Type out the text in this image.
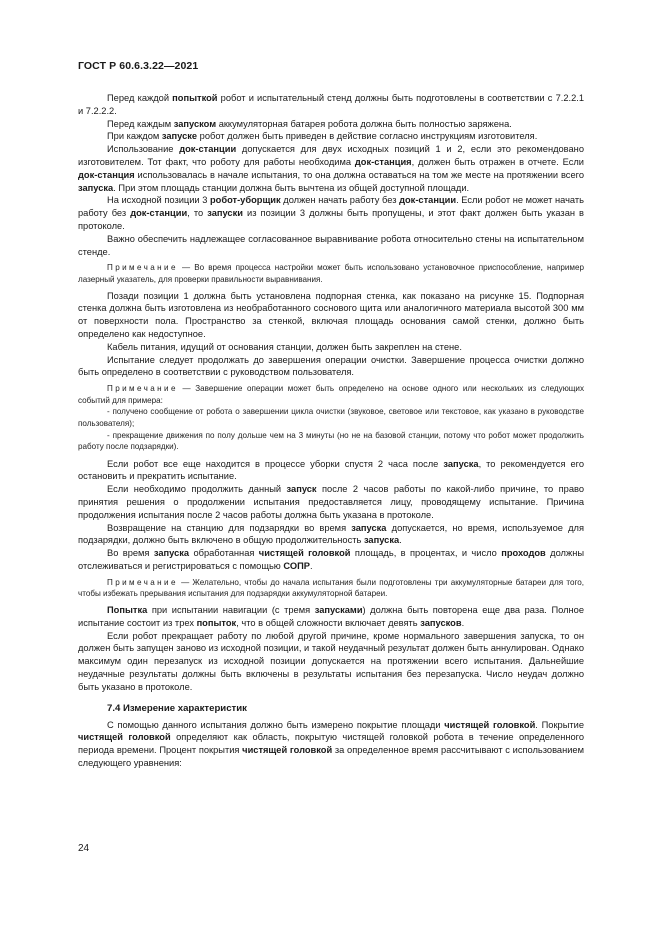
ГОСТ Р 60.6.3.22—2021

Перед каждой попыткой робот и испытательный стенд должны быть подготовлены в соответствии с 7.2.2.1 и 7.2.2.2.

Перед каждым запуском аккумуляторная батарея робота должна быть полностью заряжена.

При каждом запуске робот должен быть приведен в действие согласно инструкциям изготовителя.

Использование док-станции допускается для двух исходных позиций 1 и 2, если это рекомендовано изготовителем. Тот факт, что роботу для работы необходима док-станция, должен быть отражен в отчете. Если док-станция использовалась в начале испытания, то она должна оставаться на том же месте на протяжении всего запуска. При этом площадь станции должна быть вычтена из общей доступной площади.

На исходной позиции 3 робот-уборщик должен начать работу без док-станции. Если робот не может начать работу без док-станции, то запуски из позиции 3 должны быть пропущены, и этот факт должен быть указан в протоколе.

Важно обеспечить надлежащее согласованное выравнивание робота относительно стены на испытательном стенде.

Примечание — Во время процесса настройки может быть использовано установочное приспособление, например лазерный указатель, для проверки правильности выравнивания.

Позади позиции 1 должна быть установлена подпорная стенка, как показано на рисунке 15. Подпорная стенка должна быть изготовлена из необработанного соснового щита или аналогичного материала высотой 300 мм от поверхности пола. Пространство за стенкой, включая площадь основания самой стенки, должно быть определено как недоступное.

Кабель питания, идущий от основания станции, должен быть закреплен на стене.

Испытание следует продолжать до завершения операции очистки. Завершение процесса очистки должно быть определено в соответствии с руководством пользователя.

Примечание — Завершение операции может быть определено на основе одного или нескольких из следующих событий для примера:
- получено сообщение от робота о завершении цикла очистки (звуковое, световое или текстовое, как указано в руководстве пользователя);
- прекращение движения по полу дольше чем на 3 минуты (но не на базовой станции, потому что робот может продолжить работу после подзарядки).

Если робот все еще находится в процессе уборки спустя 2 часа после запуска, то рекомендуется его остановить и прекратить испытание.

Если необходимо продолжить данный запуск после 2 часов работы по какой-либо причине, то право принятия решения о продолжении испытания предоставляется лицу, проводящему испытание. Причина продолжения испытания после 2 часов работы должна быть указана в протоколе.

Возвращение на станцию для подзарядки во время запуска допускается, но время, используемое для подзарядки, должно быть включено в общую продолжительность запуска.

Во время запуска обработанная чистящей головкой площадь, в процентах, и число проходов должны отслеживаться и регистрироваться с помощью СОПР.

Примечание — Желательно, чтобы до начала испытания были подготовлены три аккумуляторные батареи для того, чтобы избежать прерывания испытания для подзарядки аккумуляторной батареи.

Попытка при испытании навигации (с тремя запусками) должна быть повторена еще два раза. Полное испытание состоит из трех попыток, что в общей сложности включает девять запусков.

Если робот прекращает работу по любой другой причине, кроме нормального завершения запуска, то он должен быть запущен заново из исходной позиции, и такой неудачный результат должен быть аннулирован. Однако максимум один перезапуск из исходной позиции допускается на протяжении всего испытания. Дальнейшие неудачные результаты должны быть включены в результаты испытания без перезапуска. Число неудач должно быть указано в протоколе.

7.4 Измерение характеристик

С помощью данного испытания должно быть измерено покрытие площади чистящей головкой. Покрытие чистящей головкой определяют как область, покрытую чистящей головкой робота в течение определенного периода времени. Процент покрытия чистящей головкой за определенное время рассчитывают с использованием следующего уравнения:

24
